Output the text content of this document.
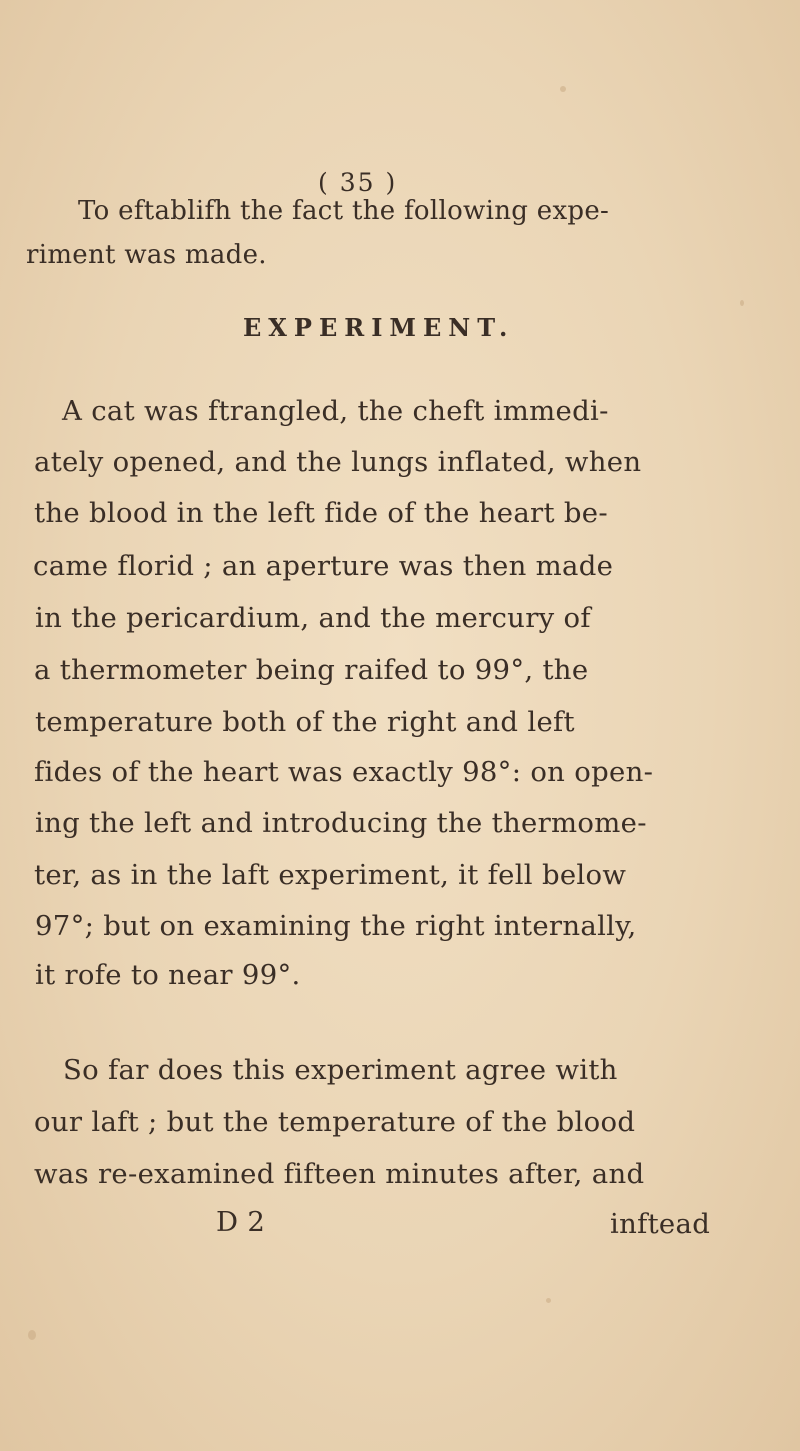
( 35 )
To eftablifh the fact the following expe-
riment was made.
EXPERIMENT.
A cat was ftrangled, the cheft immedi-
ately opened, and the lungs inflated, when
the blood in the left fide of the heart be-
came florid ; an aperture was then made
in the pericardium, and the mercury of
a thermometer being raifed to 99°, the
temperature both of the right and left
fides of the heart was exactly 98°: on open-
ing the left and introducing the thermome-
ter, as in the laft experiment, it fell below
97°; but on examining the right internally,
it rofe to near 99°.
So far does this experiment agree with
our laft ; but the temperature of the blood
was re-examined fifteen minutes after, and
D 2	inftead
